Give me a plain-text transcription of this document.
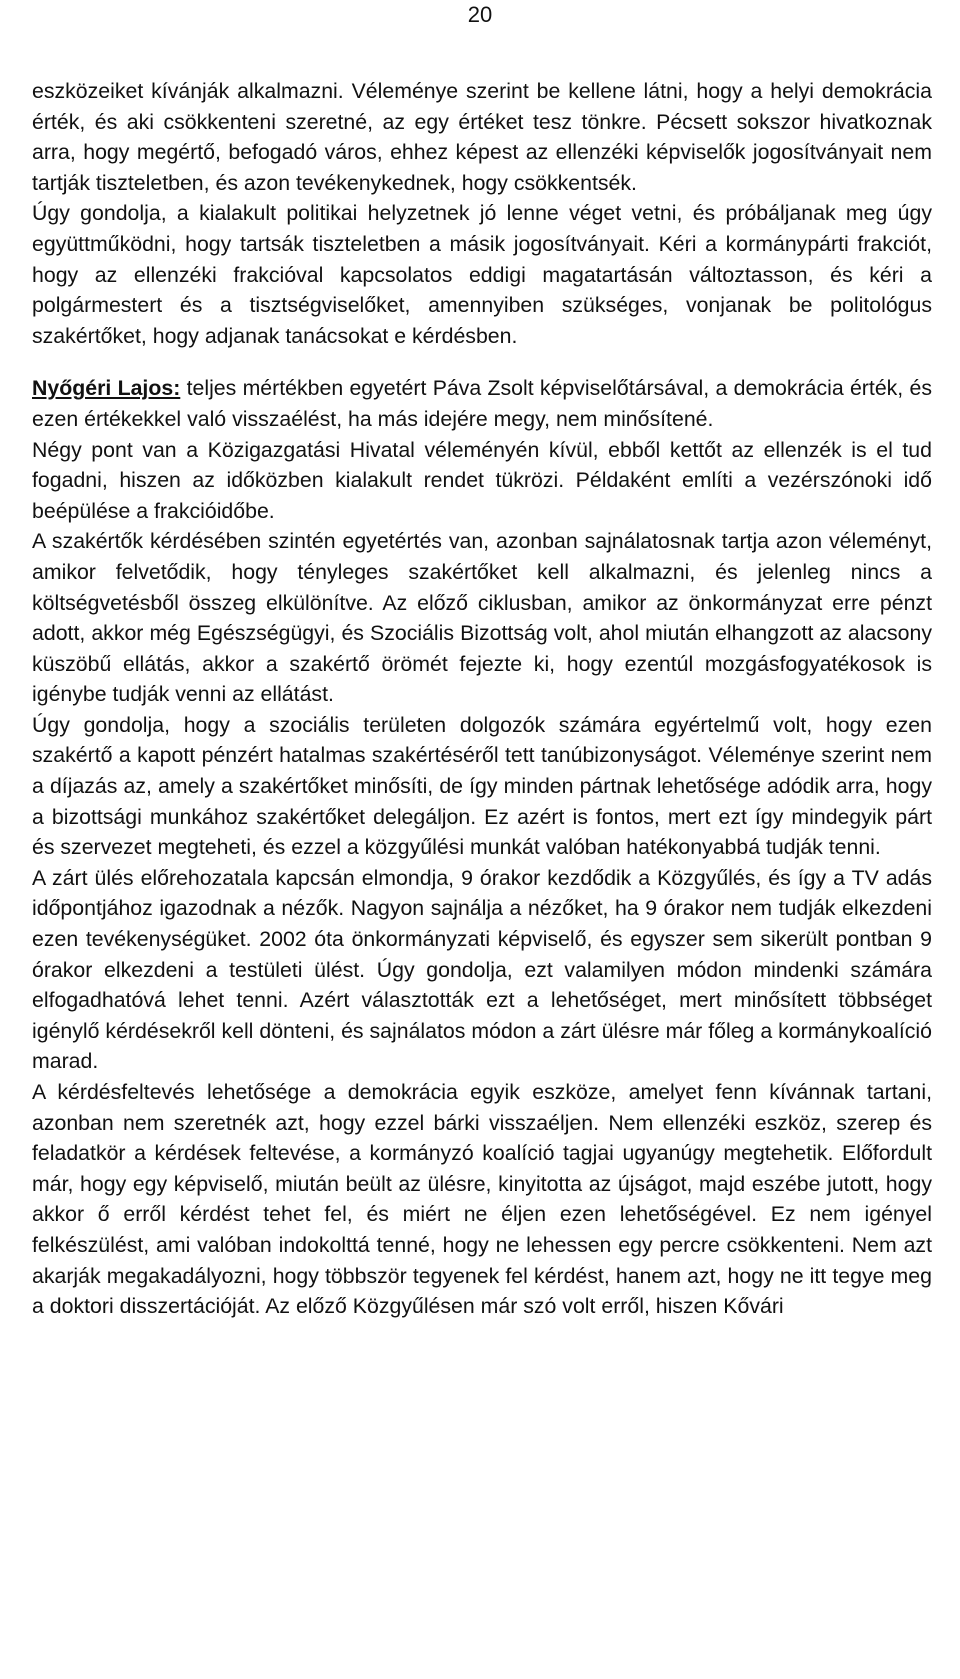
20

eszközeiket kívánják alkalmazni. Véleménye szerint be kellene látni, hogy a helyi demokrácia érték, és aki csökkenteni szeretné, az egy értéket tesz tönkre. Pécsett sokszor hivatkoznak arra, hogy megértő, befogadó város, ehhez képest az ellenzéki képviselők jogosítványait nem tartják tiszteletben, és azon tevékenykednek, hogy csökkentsék.

Úgy gondolja, a kialakult politikai helyzetnek jó lenne véget vetni, és próbáljanak meg úgy együttműködni, hogy tartsák tiszteletben a másik jogosítványait. Kéri a kormánypárti frakciót, hogy az ellenzéki frakcióval kapcsolatos eddigi magatartásán változtasson, és kéri a polgármestert és a tisztségviselőket, amennyiben szükséges, vonjanak be politológus szakértőket, hogy adjanak tanácsokat e kérdésben.

Nyőgéri Lajos: teljes mértékben egyetért Páva Zsolt képviselőtársával, a demokrácia érték, és ezen értékekkel való visszaélést, ha más idejére megy, nem minősítené.

Négy pont van a Közigazgatási Hivatal véleményén kívül, ebből kettőt az ellenzék is el tud fogadni, hiszen az időközben kialakult rendet tükrözi. Példaként említi a vezérszónoki idő beépülése a frakcióidőbe.

A szakértők kérdésében szintén egyetértés van, azonban sajnálatosnak tartja azon véleményt, amikor felvetődik, hogy tényleges szakértőket kell alkalmazni, és jelenleg nincs a költségvetésből összeg elkülönítve. Az előző ciklusban, amikor az önkormányzat erre pénzt adott, akkor még Egészségügyi, és Szociális Bizottság volt, ahol miután elhangzott az alacsony küszöbű ellátás, akkor a szakértő örömét fejezte ki, hogy ezentúl mozgásfogyatékosok is igénybe tudják venni az ellátást.

Úgy gondolja, hogy a szociális területen dolgozók számára egyértelmű volt, hogy ezen szakértő a kapott pénzért hatalmas szakértéséről tett tanúbizonyságot. Véleménye szerint nem a díjazás az, amely a szakértőket minősíti, de így minden pártnak lehetősége adódik arra, hogy a bizottsági munkához szakértőket delegáljon. Ez azért is fontos, mert ezt így mindegyik párt és szervezet megteheti, és ezzel a közgyűlési munkát valóban hatékonyabbá tudják tenni.

A zárt ülés előrehozatala kapcsán elmondja, 9 órakor kezdődik a Közgyűlés, és így a TV adás időpontjához igazodnak a nézők. Nagyon sajnálja a nézőket, ha 9 órakor nem tudják elkezdeni ezen tevékenységüket. 2002 óta önkormányzati képviselő, és egyszer sem sikerült pontban 9 órakor elkezdeni a testületi ülést. Úgy gondolja, ezt valamilyen módon mindenki számára elfogadhatóvá lehet tenni. Azért választották ezt a lehetőséget, mert minősített többséget igénylő kérdésekről kell dönteni, és sajnálatos módon a zárt ülésre már főleg a kormánykoalíció marad.

A kérdésfeltevés lehetősége a demokrácia egyik eszköze, amelyet fenn kívánnak tartani, azonban nem szeretnék azt, hogy ezzel bárki visszaéljen. Nem ellenzéki eszköz, szerep és feladatkör a kérdések feltevése, a kormányzó koalíció tagjai ugyanúgy megtehetik. Előfordult már, hogy egy képviselő, miután beült az ülésre, kinyitotta az újságot, majd eszébe jutott, hogy akkor ő erről kérdést tehet fel, és miért ne éljen ezen lehetőségével. Ez nem igényel felkészülést, ami valóban indokolttá tenné, hogy ne lehessen egy percre csökkenteni. Nem azt akarják megakadályozni, hogy többször tegyenek fel kérdést, hanem azt, hogy ne itt tegye meg a doktori disszertációját. Az előző Közgyűlésen már szó volt erről, hiszen Kővári
